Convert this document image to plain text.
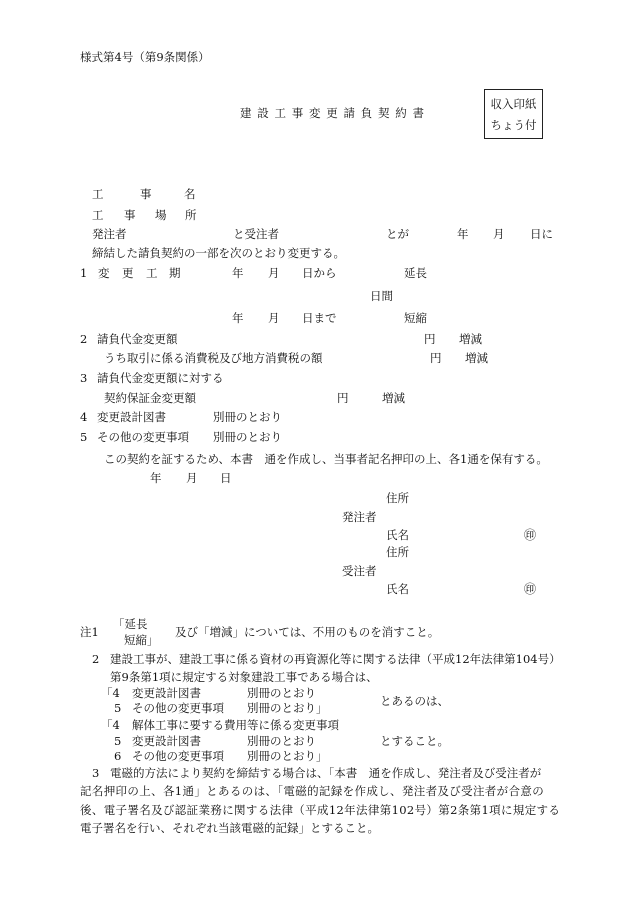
様式第4号（第9条関係）
建 設 工 事 変 更 請 負 契 約 書
収入印紙
ちょう付
工	事	名
工 事 場 所
発注者	と受注者	とが	年 月 日に
締結した請負契約の一部を次のとおり変更する。
1 変 更 工 期	年 月 日から	延長
日間
年 月 日まで	短縮
2 請負代金変更額	円 増減
うち取引に係る消費税及び地方消費税の額	円 増減
3 請負代金変更額に対する
契約保証金変更額	円	増減
4 変更設計図書	別冊のとおり
5 その他の変更事項 別冊のとおり
この契約を証するため、本書　通を作成し、当事者記名押印の上、各1通を保有する。
年 月 日
住所
発注者
氏名	㊞
住所
受注者
氏名	㊞
注1
「延長
短縮」
及び「増減」については、不用のものを消すこと。
2 建設工事が、建設工事に係る資材の再資源化等に関する法律（平成12年法律第104号）
第9条第1項に規定する対象建設工事である場合は、
「4 変更設計図書	別冊のとおり
5 その他の変更事項 別冊のとおり」	とあるのは、
「4 解体工事に要する費用等に係る変更事項
5 変更設計図書	別冊のとおり
6 その他の変更事項 別冊のとおり」
とすること。
3 電磁的方法により契約を締結する場合は、「本書　通を作成し、発注者及び受注者が
記名押印の上、各1通」とあるのは、「電磁的記録を作成し、発注者及び受注者が合意の
後、電子署名及び認証業務に関する法律（平成12年法律第102号）第2条第1項に規定する
電子署名を行い、それぞれ当該電磁的記録」とすること。
